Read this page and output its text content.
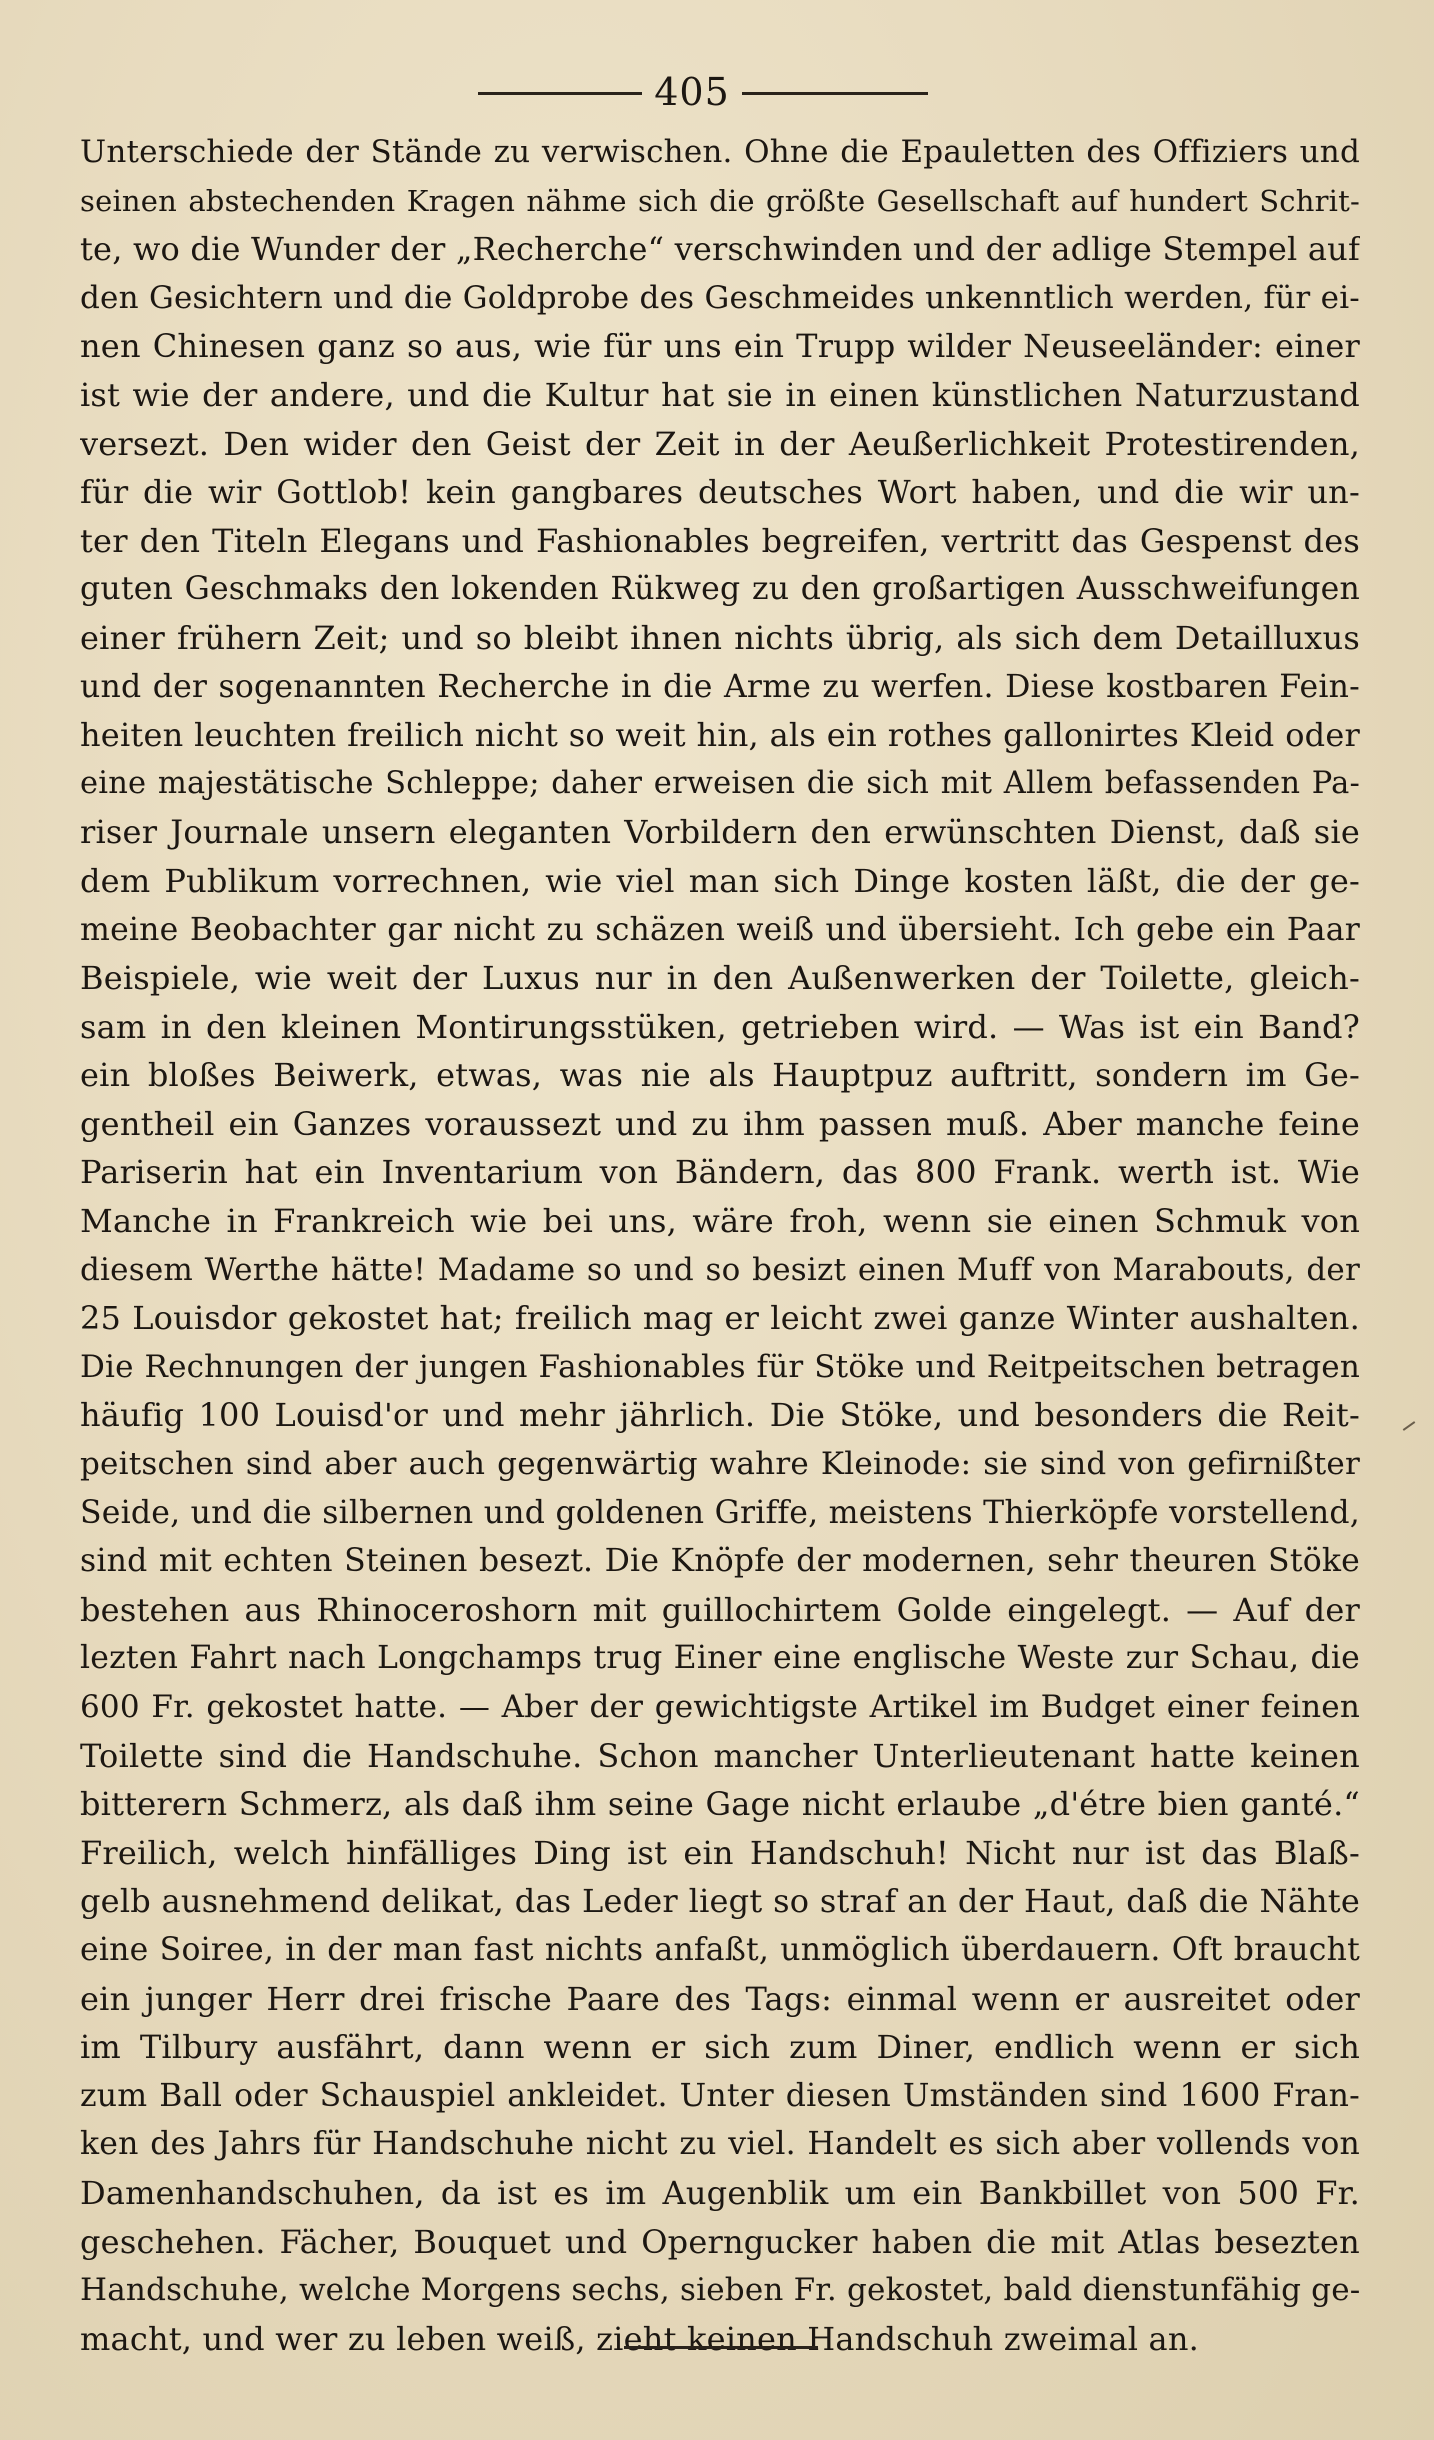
405
Unterschiede der Stände zu verwischen. Ohne die Epauletten des Offiziers und
seinen abstechenden Kragen nähme sich die größte Gesellschaft auf hundert Schrit-
te, wo die Wunder der „Recherche“ verschwinden und der adlige Stempel auf
den Gesichtern und die Goldprobe des Geschmeides unkenntlich werden, für ei-
nen Chinesen ganz so aus, wie für uns ein Trupp wilder Neuseeländer: einer
ist wie der andere, und die Kultur hat sie in einen künstlichen Naturzustand
versezt. Den wider den Geist der Zeit in der Aeußerlichkeit Protestirenden,
für die wir Gottlob! kein gangbares deutsches Wort haben, und die wir un-
ter den Titeln Elegans und Fashionables begreifen, vertritt das Gespenst des
guten Geschmaks den lokenden Rükweg zu den großartigen Ausschweifungen
einer frühern Zeit; und so bleibt ihnen nichts übrig, als sich dem Detailluxus
und der sogenannten Recherche in die Arme zu werfen. Diese kostbaren Fein-
heiten leuchten freilich nicht so weit hin, als ein rothes gallonirtes Kleid oder
eine majestätische Schleppe; daher erweisen die sich mit Allem befassenden Pa-
riser Journale unsern eleganten Vorbildern den erwünschten Dienst, daß sie
dem Publikum vorrechnen, wie viel man sich Dinge kosten läßt, die der ge-
meine Beobachter gar nicht zu schäzen weiß und übersieht. Ich gebe ein Paar
Beispiele, wie weit der Luxus nur in den Außenwerken der Toilette, gleich-
sam in den kleinen Montirungsstüken, getrieben wird. — Was ist ein Band?
ein bloßes Beiwerk, etwas, was nie als Hauptpuz auftritt, sondern im Ge-
gentheil ein Ganzes voraussezt und zu ihm passen muß. Aber manche feine
Pariserin hat ein Inventarium von Bändern, das 800 Frank. werth ist. Wie
Manche in Frankreich wie bei uns, wäre froh, wenn sie einen Schmuk von
diesem Werthe hätte! Madame so und so besizt einen Muff von Marabouts, der
25 Louisdor gekostet hat; freilich mag er leicht zwei ganze Winter aushalten.
Die Rechnungen der jungen Fashionables für Stöke und Reitpeitschen betragen
häufig 100 Louisd'or und mehr jährlich. Die Stöke, und besonders die Reit-
peitschen sind aber auch gegenwärtig wahre Kleinode: sie sind von gefirnißter
Seide, und die silbernen und goldenen Griffe, meistens Thierköpfe vorstellend,
sind mit echten Steinen besezt. Die Knöpfe der modernen, sehr theuren Stöke
bestehen aus Rhinoceroshorn mit guillochirtem Golde eingelegt. — Auf der
lezten Fahrt nach Longchamps trug Einer eine englische Weste zur Schau, die
600 Fr. gekostet hatte. — Aber der gewichtigste Artikel im Budget einer feinen
Toilette sind die Handschuhe. Schon mancher Unterlieutenant hatte keinen
bitterern Schmerz, als daß ihm seine Gage nicht erlaube „d'étre bien ganté.“
Freilich, welch hinfälliges Ding ist ein Handschuh! Nicht nur ist das Blaß-
gelb ausnehmend delikat, das Leder liegt so straf an der Haut, daß die Nähte
eine Soiree, in der man fast nichts anfaßt, unmöglich überdauern. Oft braucht
ein junger Herr drei frische Paare des Tags: einmal wenn er ausreitet oder
im Tilbury ausfährt, dann wenn er sich zum Diner, endlich wenn er sich
zum Ball oder Schauspiel ankleidet. Unter diesen Umständen sind 1600 Fran-
ken des Jahrs für Handschuhe nicht zu viel. Handelt es sich aber vollends von
Damenhandschuhen, da ist es im Augenblik um ein Bankbillet von 500 Fr.
geschehen. Fächer, Bouquet und Operngucker haben die mit Atlas besezten
Handschuhe, welche Morgens sechs, sieben Fr. gekostet, bald dienstunfähig ge-
macht, und wer zu leben weiß, zieht keinen Handschuh zweimal an.
